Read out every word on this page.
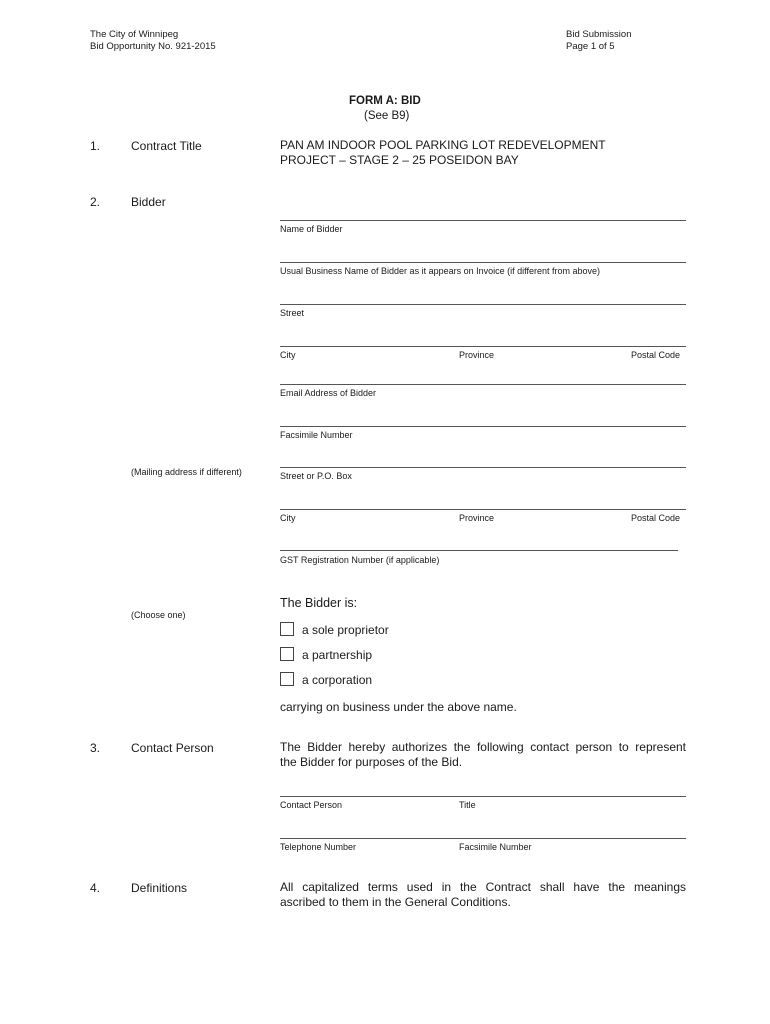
The City of Winnipeg
Bid Opportunity No. 921-2015
Bid Submission
Page 1 of 5
FORM A: BID
(See B9)
1.	Contract Title	PAN AM INDOOR POOL PARKING LOT REDEVELOPMENT
PROJECT – STAGE 2 – 25 POSEIDON BAY
2.	Bidder
Name of Bidder
Usual Business Name of Bidder as it appears on Invoice (if different from above)
Street
City	Province	Postal Code
Email Address of Bidder
Facsimile Number
(Mailing address if different)	Street or P.O. Box
City	Province	Postal Code
GST Registration Number (if applicable)
(Choose one)
The Bidder is:
a sole proprietor
a partnership
a corporation
carrying on business under the above name.
3.	Contact Person	The Bidder hereby authorizes the following contact person to represent
the Bidder for purposes of the Bid.
Contact Person	Title
Telephone Number	Facsimile Number
4.	Definitions	All capitalized terms used in the Contract shall have the meanings
ascribed to them in the General Conditions.
